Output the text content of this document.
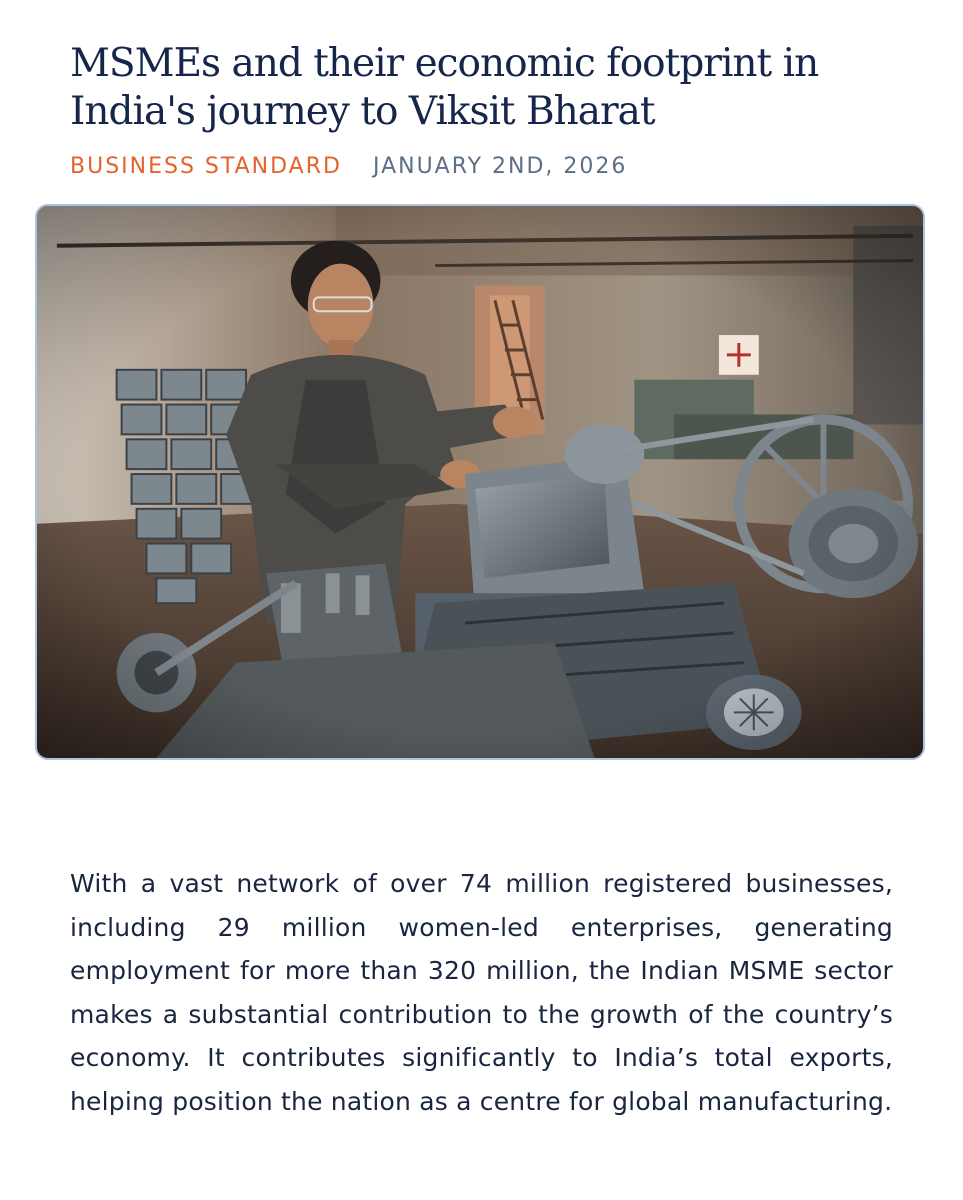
MSMEs and their economic footprint in India's journey to Viksit Bharat
BUSINESS STANDARD JANUARY 2ND, 2026

With a vast network of over 74 million registered businesses, including 29 million women-led enterprises, generating employment for more than 320 million, the Indian MSME sector makes a substantial contribution to the growth of the country’s economy. It contributes significantly to India’s total exports, helping position the nation as a centre for global manufacturing.
